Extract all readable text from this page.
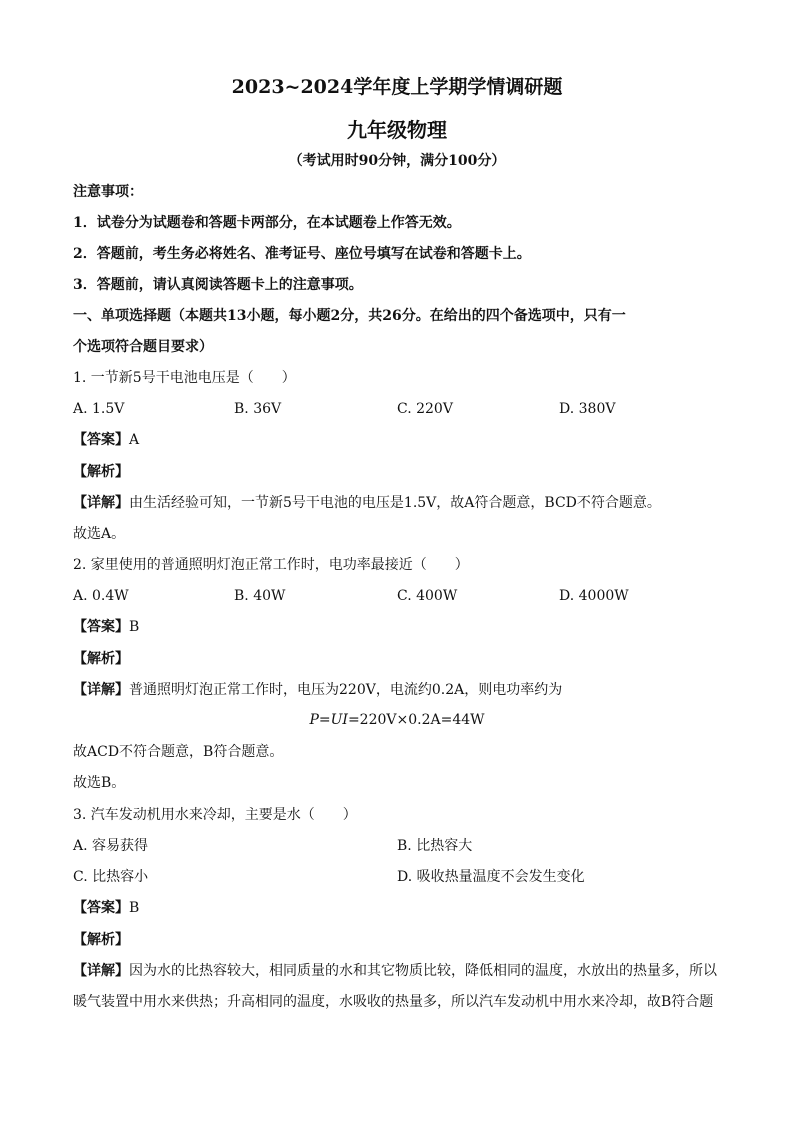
2023~2024学年度上学期学情调研题
九年级物理
（考试用时90分钟，满分100分）
注意事项：
1．试卷分为试题卷和答题卡两部分，在本试题卷上作答无效。
2．答题前，考生务必将姓名、准考证号、座位号填写在试卷和答题卡上。
3．答题前，请认真阅读答题卡上的注意事项。
一、单项选择题（本题共13小题，每小题2分，共26分。在给出的四个备选项中，只有一
个选项符合题目要求）
1. 一节新5号干电池电压是（　　）
A. 1.5V	B. 36V	C. 220V	D. 380V
【答案】A
【解析】
【详解】由生活经验可知，一节新5号干电池的电压是1.5V，故A符合题意，BCD不符合题意。
故选A。
2. 家里使用的普通照明灯泡正常工作时，电功率最接近（　　）
A. 0.4W	B. 40W	C. 400W	D. 4000W
【答案】B
【解析】
【详解】普通照明灯泡正常工作时，电压为220V，电流约0.2A，则电功率约为
P=UI=220V×0.2A=44W
故ACD不符合题意，B符合题意。
故选B。
3. 汽车发动机用水来冷却，主要是水（　　）
A. 容易获得	B. 比热容大
C. 比热容小	D. 吸收热量温度不会发生变化
【答案】B
【解析】
【详解】因为水的比热容较大，相同质量的水和其它物质比较，降低相同的温度，水放出的热量多，所以
暖气装置中用水来供热；升高相同的温度，水吸收的热量多，所以汽车发动机中用水来冷却，故B符合题
